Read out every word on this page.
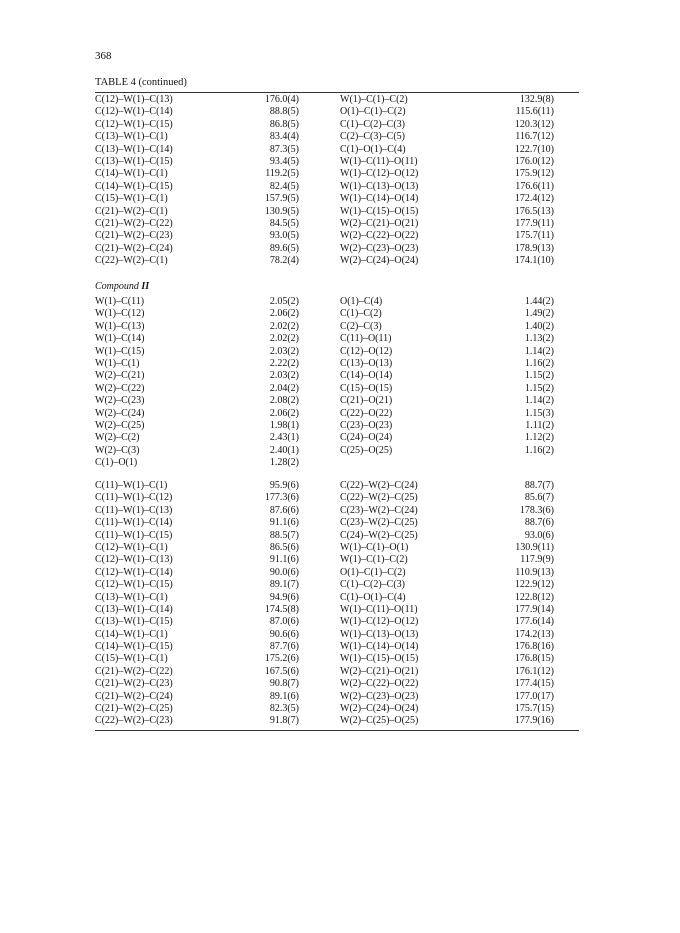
368
TABLE 4 (continued)
C(12)–W(1)–C(13)	176.0(4)	W(1)–C(1)–C(2)	132.9(8)
C(12)–W(1)–C(14)	88.8(5)	O(1)–C(1)–C(2)	115.6(11)
C(12)–W(1)–C(15)	86.8(5)	C(1)–C(2)–C(3)	120.3(12)
C(13)–W(1)–C(1)	83.4(4)	C(2)–C(3)–C(5)	116.7(12)
C(13)–W(1)–C(14)	87.3(5)	C(1)–O(1)–C(4)	122.7(10)
C(13)–W(1)–C(15)	93.4(5)	W(1)–C(11)–O(11)	176.0(12)
C(14)–W(1)–C(1)	119.2(5)	W(1)–C(12)–O(12)	175.9(12)
C(14)–W(1)–C(15)	82.4(5)	W(1)–C(13)–O(13)	176.6(11)
C(15)–W(1)–C(1)	157.9(5)	W(1)–C(14)–O(14)	172.4(12)
C(21)–W(2)–C(1)	130.9(5)	W(1)–C(15)–O(15)	176.5(13)
C(21)–W(2)–C(22)	84.5(5)	W(2)–C(21)–O(21)	177.9(11)
C(21)–W(2)–C(23)	93.0(5)	W(2)–C(22)–O(22)	175.7(11)
C(21)–W(2)–C(24)	89.6(5)	W(2)–C(23)–O(23)	178.9(13)
C(22)–W(2)–C(1)	78.2(4)	W(2)–C(24)–O(24)	174.1(10)
Compound II
W(1)–C(11)	2.05(2)	O(1)–C(4)	1.44(2)
W(1)–C(12)	2.06(2)	C(1)–C(2)	1.49(2)
W(1)–C(13)	2.02(2)	C(2)–C(3)	1.40(2)
W(1)–C(14)	2.02(2)	C(11)–O(11)	1.13(2)
W(1)–C(15)	2.03(2)	C(12)–O(12)	1.14(2)
W(1)–C(1)	2.22(2)	C(13)–O(13)	1.16(2)
W(2)–C(21)	2.03(2)	C(14)–O(14)	1.15(2)
W(2)–C(22)	2.04(2)	C(15)–O(15)	1.15(2)
W(2)–C(23)	2.08(2)	C(21)–O(21)	1.14(2)
W(2)–C(24)	2.06(2)	C(22)–O(22)	1.15(3)
W(2)–C(25)	1.98(1)	C(23)–O(23)	1.11(2)
W(2)–C(2)	2.43(1)	C(24)–O(24)	1.12(2)
W(2)–C(3)	2.40(1)	C(25)–O(25)	1.16(2)
C(1)–O(1)	1.28(2)
C(11)–W(1)–C(1)	95.9(6)	C(22)–W(2)–C(24)	88.7(7)
C(11)–W(1)–C(12)	177.3(6)	C(22)–W(2)–C(25)	85.6(7)
C(11)–W(1)–C(13)	87.6(6)	C(23)–W(2)–C(24)	178.3(6)
C(11)–W(1)–C(14)	91.1(6)	C(23)–W(2)–C(25)	88.7(6)
C(11)–W(1)–C(15)	88.5(7)	C(24)–W(2)–C(25)	93.0(6)
C(12)–W(1)–C(1)	86.5(6)	W(1)–C(1)–O(1)	130.9(11)
C(12)–W(1)–C(13)	91.1(6)	W(1)–C(1)–C(2)	117.9(9)
C(12)–W(1)–C(14)	90.0(6)	O(1)–C(1)–C(2)	110.9(13)
C(12)–W(1)–C(15)	89.1(7)	C(1)–C(2)–C(3)	122.9(12)
C(13)–W(1)–C(1)	94.9(6)	C(1)–O(1)–C(4)	122.8(12)
C(13)–W(1)–C(14)	174.5(8)	W(1)–C(11)–O(11)	177.9(14)
C(13)–W(1)–C(15)	87.0(6)	W(1)–C(12)–O(12)	177.6(14)
C(14)–W(1)–C(1)	90.6(6)	W(1)–C(13)–O(13)	174.2(13)
C(14)–W(1)–C(15)	87.7(6)	W(1)–C(14)–O(14)	176.8(16)
C(15)–W(1)–C(1)	175.2(6)	W(1)–C(15)–O(15)	176.8(15)
C(21)–W(2)–C(22)	167.5(6)	W(2)–C(21)–O(21)	176.1(12)
C(21)–W(2)–C(23)	90.8(7)	W(2)–C(22)–O(22)	177.4(15)
C(21)–W(2)–C(24)	89.1(6)	W(2)–C(23)–O(23)	177.0(17)
C(21)–W(2)–C(25)	82.3(5)	W(2)–C(24)–O(24)	175.7(15)
C(22)–W(2)–C(23)	91.8(7)	W(2)–C(25)–O(25)	177.9(16)
